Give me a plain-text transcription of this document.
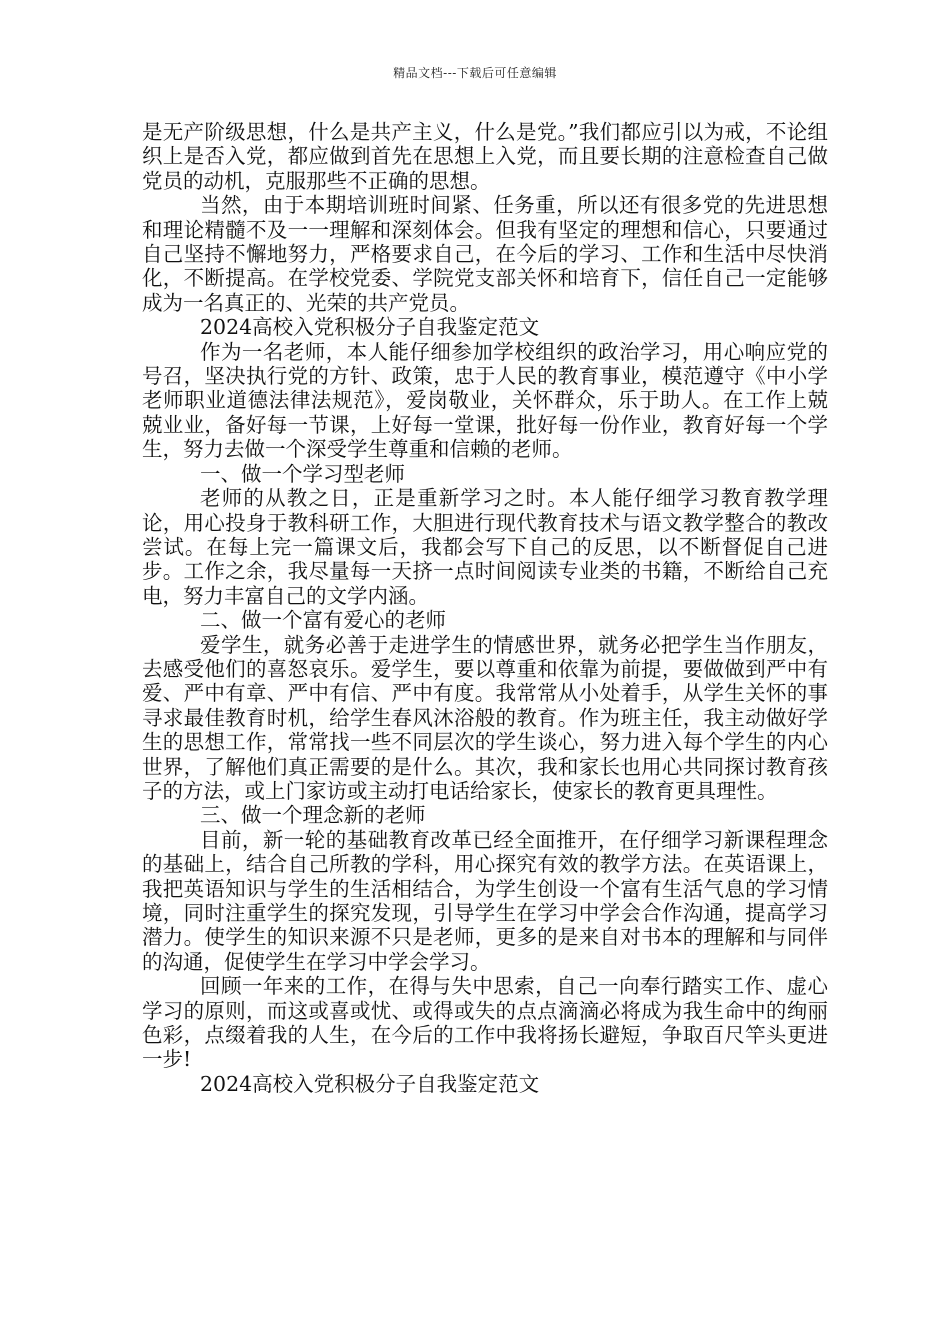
精品文档---下载后可任意编辑

是无产阶级思想，什么是共产主义，什么是党。”我们都应引以为戒，不论组织上是否入党，都应做到首先在思想上入党，而且要长期的注意检查自己做党员的动机，克服那些不正确的思想。

当然，由于本期培训班时间紧、任务重，所以还有很多党的先进思想和理论精髓不及一一理解和深刻体会。但我有坚定的理想和信心，只要通过自己坚持不懈地努力，严格要求自己，在今后的学习、工作和生活中尽快消化，不断提高。在学校党委、学院党支部关怀和培育下，信任自己一定能够成为一名真正的、光荣的共产党员。

2024高校入党积极分子自我鉴定范文

作为一名老师，本人能仔细参加学校组织的政治学习，用心响应党的号召，坚决执行党的方针、政策，忠于人民的教育事业，模范遵守《中小学老师职业道德法律法规范》，爱岗敬业，关怀群众，乐于助人。在工作上兢兢业业，备好每一节课，上好每一堂课，批好每一份作业，教育好每一个学生，努力去做一个深受学生尊重和信赖的老师。

一、做一个学习型老师

老师的从教之日，正是重新学习之时。本人能仔细学习教育教学理论，用心投身于教科研工作，大胆进行现代教育技术与语文教学整合的教改尝试。在每上完一篇课文后，我都会写下自己的反思，以不断督促自己进步。工作之余，我尽量每一天挤一点时间阅读专业类的书籍，不断给自己充电，努力丰富自己的文学内涵。

二、做一个富有爱心的老师

爱学生，就务必善于走进学生的情感世界，就务必把学生当作朋友，去感受他们的喜怒哀乐。爱学生，要以尊重和依靠为前提，要做做到严中有爱、严中有章、严中有信、严中有度。我常常从小处着手，从学生关怀的事寻求最佳教育时机，给学生春风沐浴般的教育。作为班主任，我主动做好学生的思想工作，常常找一些不同层次的学生谈心，努力进入每个学生的内心世界，了解他们真正需要的是什么。其次，我和家长也用心共同探讨教育孩子的方法，或上门家访或主动打电话给家长，使家长的教育更具理性。

三、做一个理念新的老师

目前，新一轮的基础教育改革已经全面推开，在仔细学习新课程理念的基础上，结合自己所教的学科，用心探究有效的教学方法。在英语课上，我把英语知识与学生的生活相结合，为学生创设一个富有生活气息的学习情境，同时注重学生的探究发现，引导学生在学习中学会合作沟通，提高学习潜力。使学生的知识来源不只是老师，更多的是来自对书本的理解和与同伴的沟通，促使学生在学习中学会学习。

回顾一年来的工作，在得与失中思索，自己一向奉行踏实工作、虚心学习的原则，而这或喜或忧、或得或失的点点滴滴必将成为我生命中的绚丽色彩，点缀着我的人生，在今后的工作中我将扬长避短，争取百尺竿头更进一步!

2024高校入党积极分子自我鉴定范文
